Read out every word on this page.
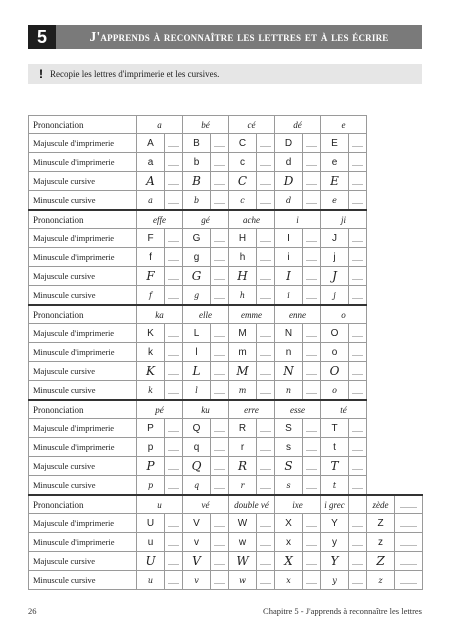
5	J'apprends à reconnaître les lettres et à les écrire
! Recopie les lettres d'imprimerie et les cursives.
Prononciation	a		bé		cé		dé		e			
Majuscule d'imprimerie	A		B		C		D		E			
Minuscule d'imprimerie	a		b		c		d		e			
Majuscule cursive	A		B		C		D		E			
Minuscule cursive	a		b		c		d		e			
Prononciation	effe		gé		ache		i		ji			
Majuscule d'imprimerie	F		G		H		I		J			
Minuscule d'imprimerie	f		g		h		i		j			
Majuscule cursive	F		G		H		I		J			
Minuscule cursive	f		g		h		i		j			
Prononciation	ka		elle		emme		enne		o			
Majuscule d'imprimerie	K		L		M		N		O			
Minuscule d'imprimerie	k		l		m		n		o			
Majuscule cursive	K		L		M		N		O			
Minuscule cursive	k		l		m		n		o			
Prononciation	pé		ku		erre		esse		té			
Majuscule d'imprimerie	P		Q		R		S		T			
Minuscule d'imprimerie	p		q		r		s		t			
Majuscule cursive	P		Q		R		S		T			
Minuscule cursive	p		q		r		s		t			
Prononciation	u		vé		double vé		ixe		i grec		zède	
Majuscule d'imprimerie	U		V		W		X		Y		Z	
Minuscule d'imprimerie	u		v		w		x		y		z	
Majuscule cursive	U		V		W		X		Y		Z	
Minuscule cursive	u		v		w		x		y		z	
26	Chapitre 5 - J'apprends à reconnaître les lettres
